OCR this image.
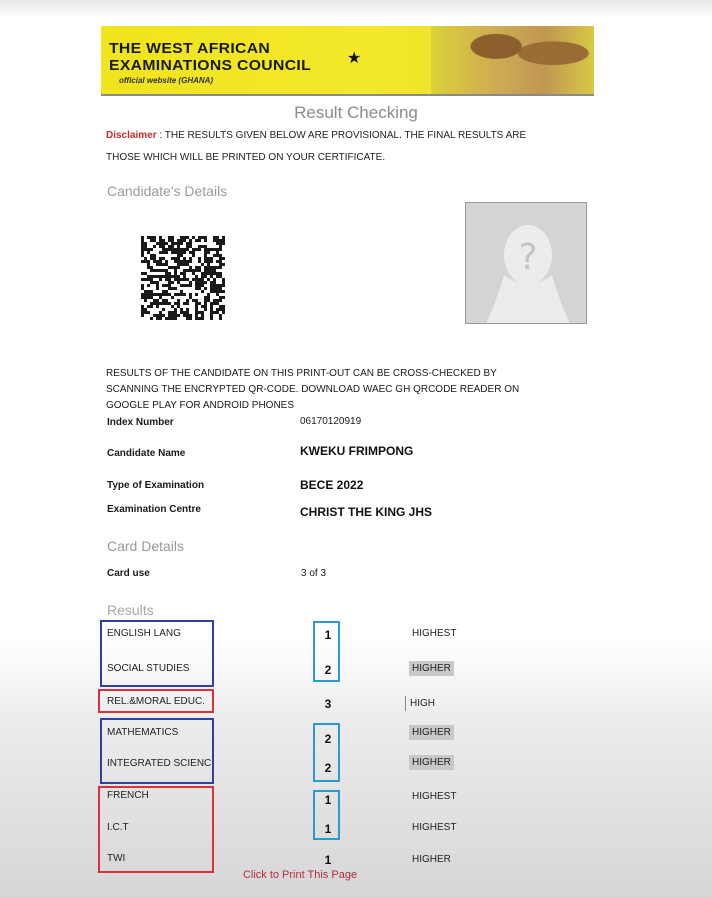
THE WEST AFRICAN
EXAMINATIONS COUNCIL
official website (GHANA)
★
Result Checking
Disclaimer : THE RESULTS GIVEN BELOW ARE PROVISIONAL. THE FINAL RESULTS ARE
THOSE WHICH WILL BE PRINTED ON YOUR CERTIFICATE.
Candidate's Details
?
RESULTS OF THE CANDIDATE ON THIS PRINT-OUT CAN BE CROSS-CHECKED BY
SCANNING THE ENCRYPTED QR-CODE. DOWNLOAD WAEC GH QRCODE READER ON
GOOGLE PLAY FOR ANDROID PHONES
Index Number	06170120919
Candidate Name	KWEKU FRIMPONG
Type of Examination	BECE 2022
Examination Centre	CHRIST THE KING JHS
Card Details
Card use	3 of 3
Results
ENGLISH LANG	1	HIGHEST
SOCIAL STUDIES	2	HIGHER
REL.&MORAL EDUC.	3	HIGH
MATHEMATICS	2	HIGHER
INTEGRATED SCIENC	2	HIGHER
FRENCH	1	HIGHEST
I.C.T	1	HIGHEST
TWI	1	HIGHER
Click to Print This Page
